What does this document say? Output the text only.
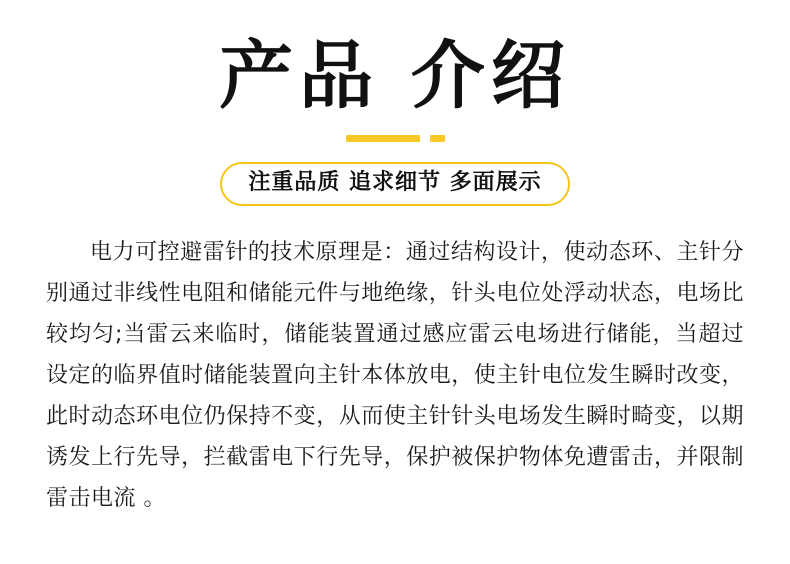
产品 介绍
注重品质 追求细节 多面展示

电力可控避雷针的技术原理是：通过结构设计，使动态环、主针分别通过非线性电阻和储能元件与地绝缘，针头电位处浮动状态，电场比较均匀;当雷云来临时，储能装置通过感应雷云电场进行储能，当超过设定的临界值时储能装置向主针本体放电，使主针电位发生瞬时改变，此时动态环电位仍保持不变，从而使主针针头电场发生瞬时畸变，以期诱发上行先导，拦截雷电下行先导，保护被保护物体免遭雷击，并限制雷击电流 。
